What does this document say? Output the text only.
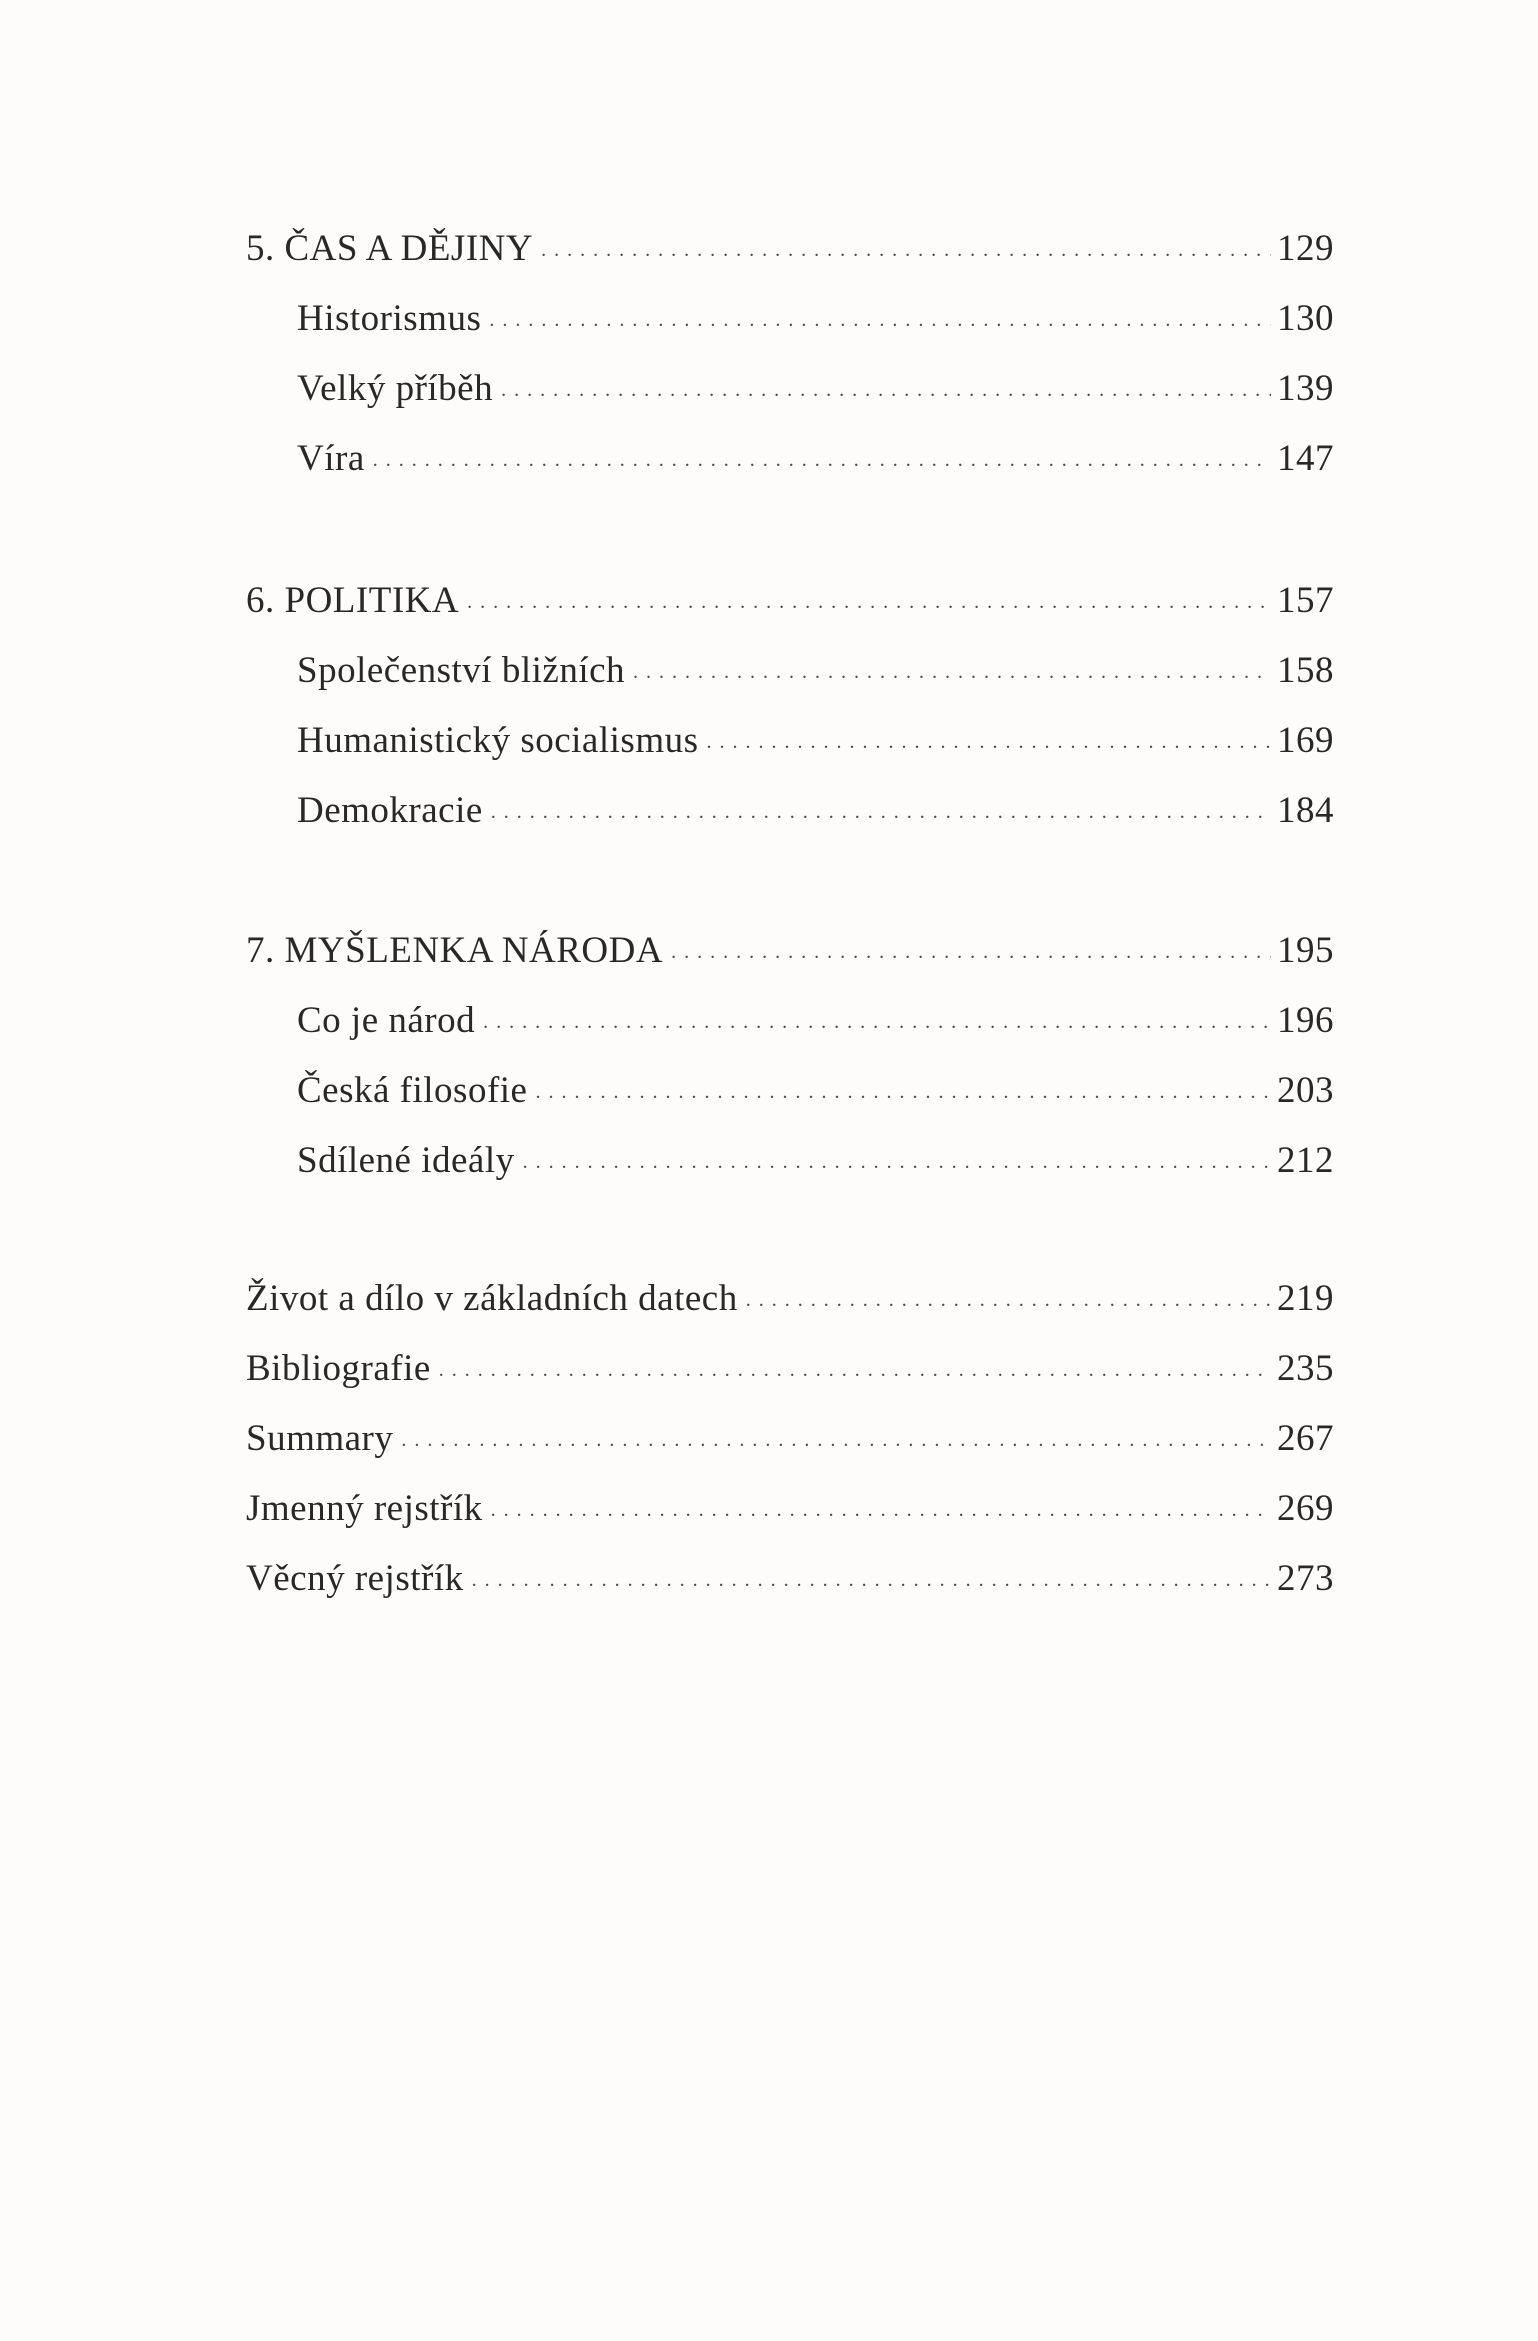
5. ČAS A DĚJINY . . .	129
Historismus . . .	130
Velký příběh . . .	139
Víra . . .	147
6. POLITIKA . . .	157
Společenství bližních . . .	158
Humanistický socialismus . . .	169
Demokracie . . .	184
7. MYŠLENKA NÁRODA . . .	195
Co je národ . . .	196
Česká filosofie . . .	203
Sdílené ideály . . .	212
Život a dílo v základních datech . . .	219
Bibliografie . . .	235
Summary . . .	267
Jmenný rejstřík . . .	269
Věcný rejstřík . . .	273
